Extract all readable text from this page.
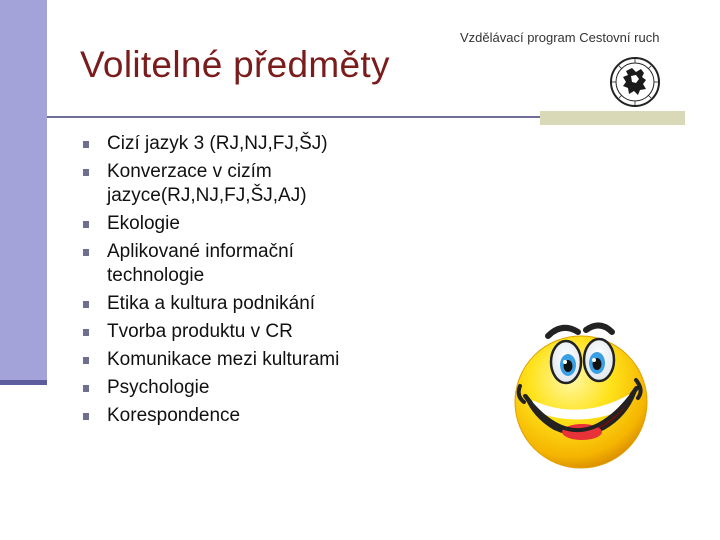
Vzdělávací program Cestovní ruch
Volitelné předměty
Cizí jazyk 3 (RJ,NJ,FJ,ŠJ)
Konverzace v cizím jazyce(RJ,NJ,FJ,ŠJ,AJ)
Ekologie
Aplikované informační technologie
Etika a kultura podnikání
Tvorba produktu v CR
Komunikace mezi kulturami
Psychologie
Korespondence
